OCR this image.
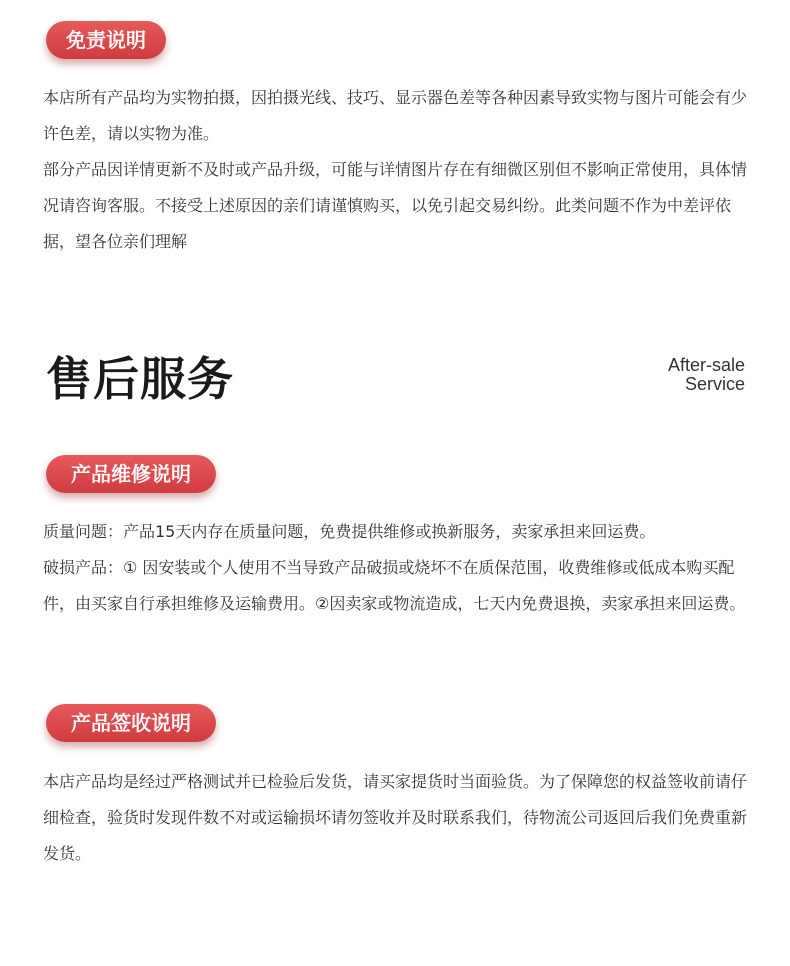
免责说明

本店所有产品均为实物拍摄，因拍摄光线、技巧、显示器色差等各种因素导致实物与图片可能会有少许色差，请以实物为准。

部分产品因详情更新不及时或产品升级，可能与详情图片存在有细微区别但不影响正常使用，具体情况请咨询客服。不接受上述原因的亲们请谨慎购买，以免引起交易纠纷。此类问题不作为中差评依据，望各位亲们理解

售后服务	After-sale
Service
产品维修说明

质量问题：产品15天内存在质量问题，免费提供维修或换新服务，卖家承担来回运费。

破损产品：① 因安装或个人使用不当导致产品破损或烧坏不在质保范围，收费维修或低成本购买配件，由买家自行承担维修及运输费用。②因卖家或物流造成，七天内免费退换，卖家承担来回运费。

产品签收说明

本店产品均是经过严格测试并已检验后发货，请买家提货时当面验货。为了保障您的权益签收前请仔细检查，验货时发现件数不对或运输损坏请勿签收并及时联系我们，待物流公司返回后我们免费重新发货。
